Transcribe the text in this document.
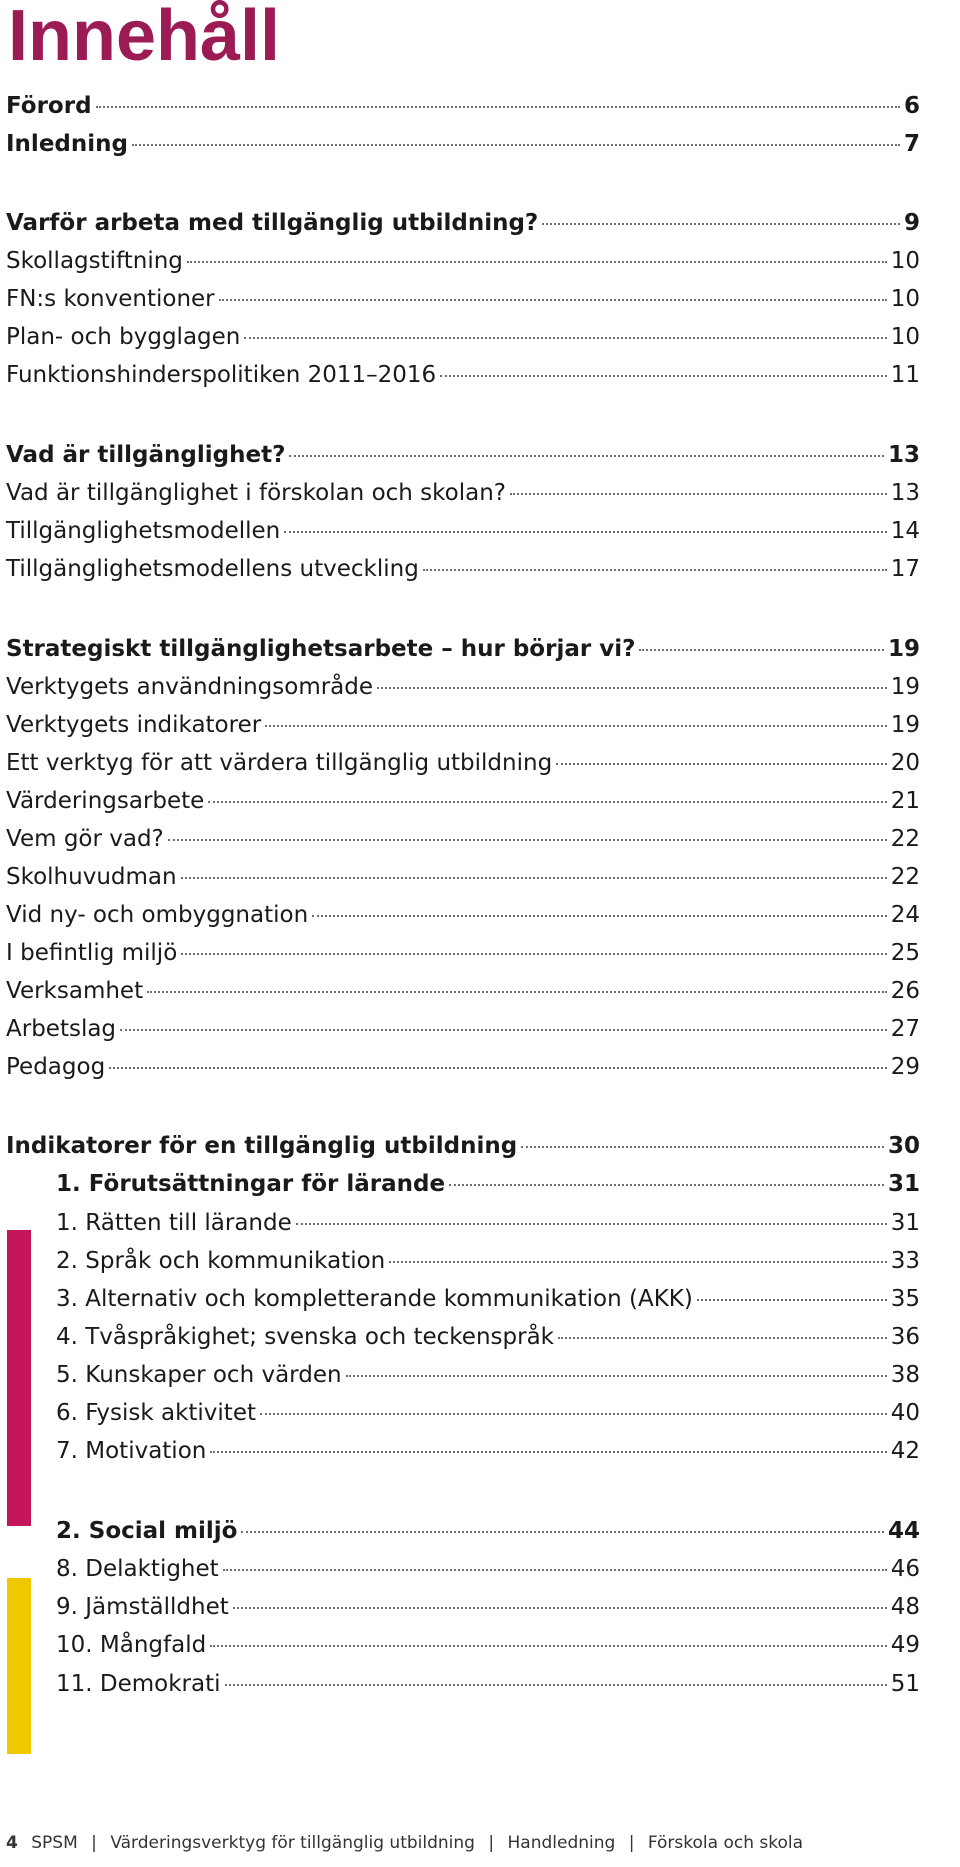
Innehåll
Förord	6
Inledning	7
Varför arbeta med tillgänglig utbildning?	9
Skollagstiftning	10
FN:s konventioner	10
Plan- och bygglagen	10
Funktionshinderspolitiken 2011–2016	11
Vad är tillgänglighet?	13
Vad är tillgänglighet i förskolan och skolan?	13
Tillgänglighetsmodellen	14
Tillgänglighetsmodellens utveckling	17
Strategiskt tillgänglighetsarbete – hur börjar vi?	19
Verktygets användningsområde	19
Verktygets indikatorer	19
Ett verktyg för att värdera tillgänglig utbildning	20
Värderingsarbete	21
Vem gör vad?	22
Skolhuvudman	22
Vid ny- och ombyggnation	24
I befintlig miljö	25
Verksamhet	26
Arbetslag	27
Pedagog	29
Indikatorer för en tillgänglig utbildning	30
1. Förutsättningar för lärande	31
1. Rätten till lärande	31
2. Språk och kommunikation	33
3. Alternativ och kompletterande kommunikation (AKK)	35
4. Tvåspråkighet; svenska och teckenspråk	36
5. Kunskaper och värden	38
6. Fysisk aktivitet	40
7. Motivation	42
2. Social miljö	44
8. Delaktighet	46
9. Jämställdhet	48
10. Mångfald	49
11. Demokrati	51
4 SPSM | Värderingsverktyg för tillgänglig utbildning | Handledning | Förskola och skola
